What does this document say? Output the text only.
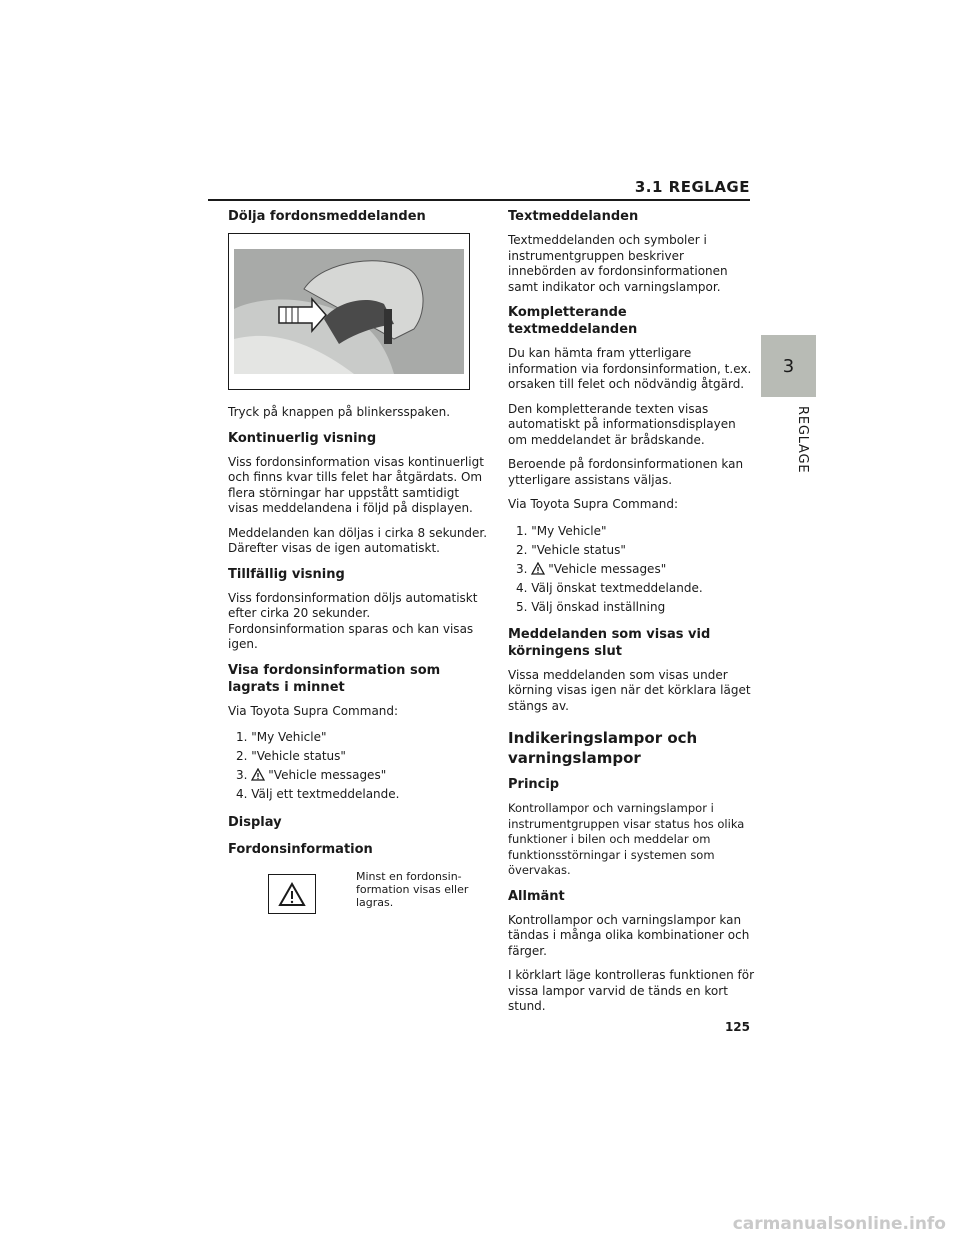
3.1 REGLAGE
3
REGLAGE
Dölja fordonsmeddelanden

Tryck på knappen på blinkersspaken.

Kontinuerlig visning

Viss fordonsinformation visas kontinuerligt och finns kvar tills felet har åtgärdats. Om flera störningar har uppstått samtidigt visas meddelandena i följd på displayen.

Meddelanden kan döljas i cirka 8 sekunder. Därefter visas de igen automatiskt.

Tillfällig visning

Viss fordonsinformation döljs automatiskt efter cirka 20 sekunder. Fordonsinformation sparas och kan visas igen.

Visa fordonsinformation som lagrats i minnet

Via Toyota Supra Command:

1. "My Vehicle"
2. "Vehicle status"
3. "Vehicle messages"
4. Välj ett textmeddelande.
Display
Fordonsinformation
Minst en fordonsin-formation visas eller lagras.
Textmeddelanden

Textmeddelanden och symboler i instrumentgruppen beskriver innebörden av fordonsinformationen samt indikator och varningslampor.

Kompletterande textmeddelanden

Du kan hämta fram ytterligare information via fordonsinformation, t.ex. orsaken till felet och nödvändig åtgärd.

Den kompletterande texten visas automatiskt på informationsdisplayen om meddelandet är brådskande.

Beroende på fordonsinformationen kan ytterligare assistans väljas.

Via Toyota Supra Command:

1. "My Vehicle"
2. "Vehicle status"
3. "Vehicle messages"
4. Välj önskat textmeddelande.
5. Välj önskad inställning
Meddelanden som visas vid körningens slut

Vissa meddelanden som visas under körning visas igen när det körklara läget stängs av.

Indikeringslampor och varningslampor
Princip

Kontrollampor och varningslampor i instrumentgruppen visar status hos olika funktioner i bilen och meddelar om funktionsstörningar i systemen som övervakas.

Allmänt

Kontrollampor och varningslampor kan tändas i många olika kombinationer och färger.

I körklart läge kontrolleras funktionen för vissa lampor varvid de tänds en kort stund.

125
carmanualsonline.info
